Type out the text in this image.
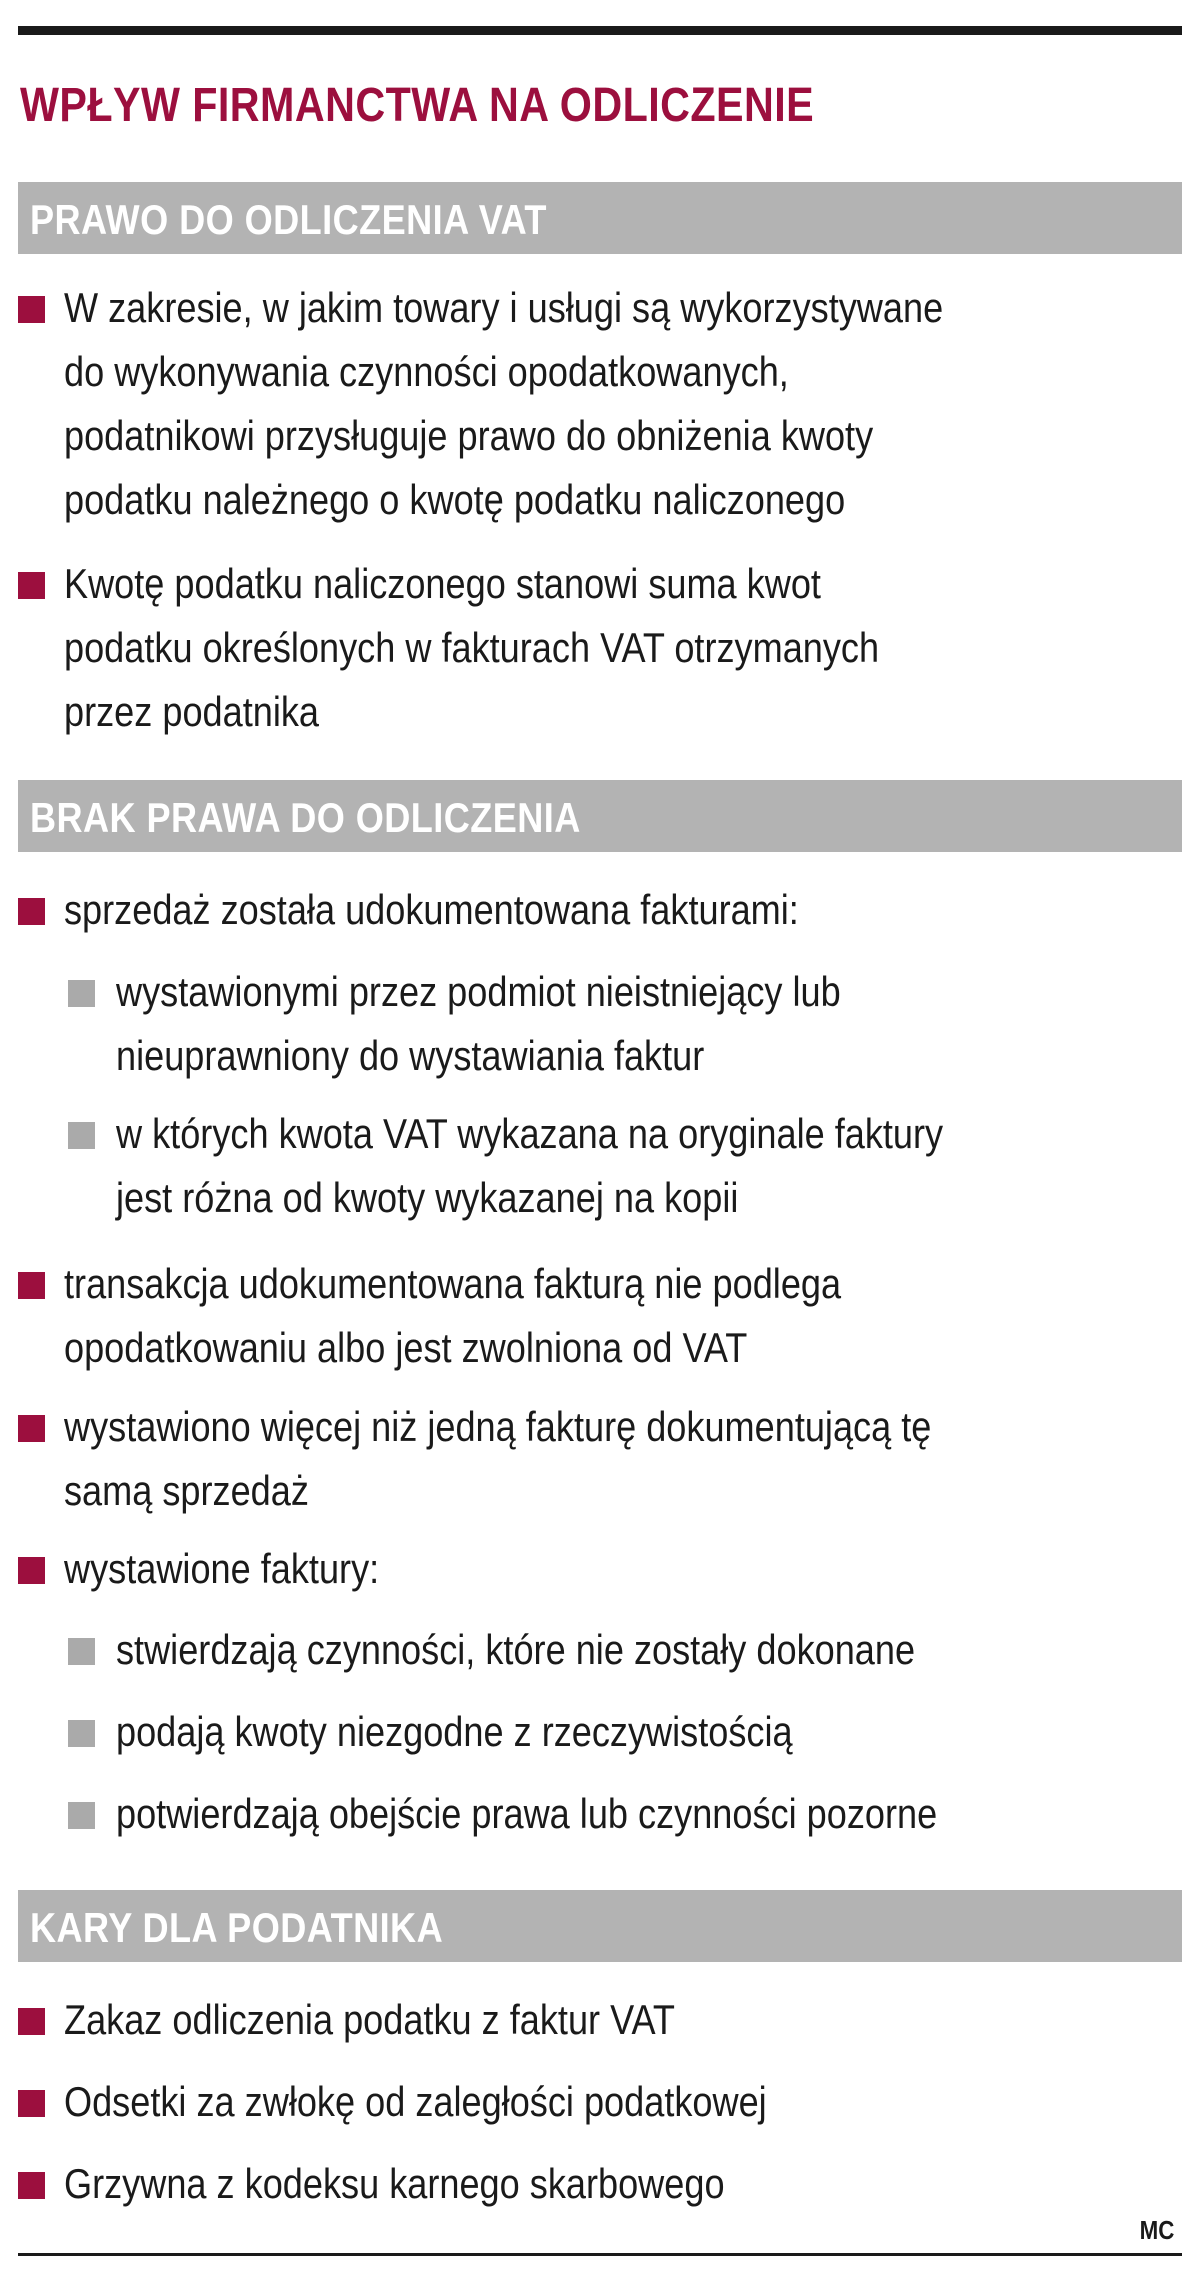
WPŁYW FIRMANCTWA NA ODLICZENIE
PRAWO DO ODLICZENIA VAT
W zakresie, w jakim towary i usługi są wykorzystywane
do wykonywania czynności opodatkowanych,
podatnikowi przysługuje prawo do obniżenia kwoty
podatku należnego o kwotę podatku naliczonego
Kwotę podatku naliczonego stanowi suma kwot
podatku określonych w fakturach VAT otrzymanych
przez podatnika
BRAK PRAWA DO ODLICZENIA
sprzedaż została udokumentowana fakturami:
wystawionymi przez podmiot nieistniejący lub
nieuprawniony do wystawiania faktur
w których kwota VAT wykazana na oryginale faktury
jest różna od kwoty wykazanej na kopii
transakcja udokumentowana fakturą nie podlega
opodatkowaniu albo jest zwolniona od VAT
wystawiono więcej niż jedną fakturę dokumentującą tę
samą sprzedaż
wystawione faktury:
stwierdzają czynności, które nie zostały dokonane
podają kwoty niezgodne z rzeczywistością
potwierdzają obejście prawa lub czynności pozorne
KARY DLA PODATNIKA
Zakaz odliczenia podatku z faktur VAT
Odsetki za zwłokę od zaległości podatkowej
Grzywna z kodeksu karnego skarbowego
MC
